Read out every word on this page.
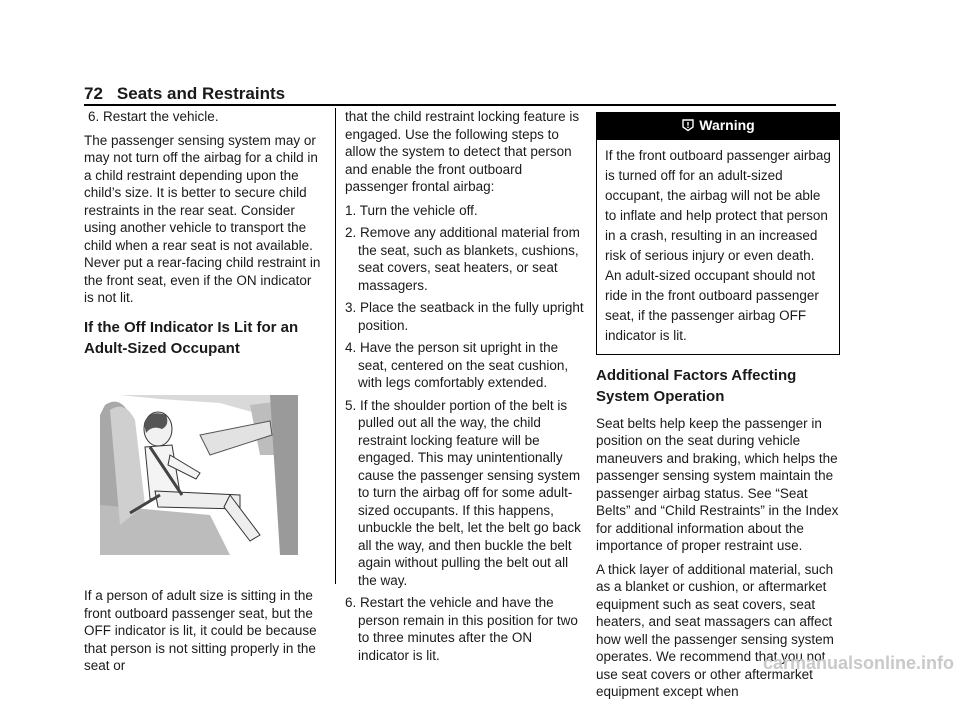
72 Seats and Restraints

6. Restart the vehicle.

The passenger sensing system may or may not turn off the airbag for a child in a child restraint depending upon the child’s size. It is better to secure child restraints in the rear seat. Consider using another vehicle to transport the child when a rear seat is not available. Never put a rear-facing child restraint in the front seat, even if the ON indicator is not lit.

If the Off Indicator Is Lit for an Adult-Sized Occupant

If a person of adult size is sitting in the front outboard passenger seat, but the OFF indicator is lit, it could be because that person is not sitting properly in the seat or

that the child restraint locking feature is engaged. Use the following steps to allow the system to detect that person and enable the front outboard passenger frontal airbag:

1. Turn the vehicle off.
2. Remove any additional material from the seat, such as blankets, cushions, seat covers, seat heaters, or seat massagers.
3. Place the seatback in the fully upright position.
4. Have the person sit upright in the seat, centered on the seat cushion, with legs comfortably extended.
5. If the shoulder portion of the belt is pulled out all the way, the child restraint locking feature will be engaged. This may unintentionally cause the passenger sensing system to turn the airbag off for some adult-sized occupants. If this happens, unbuckle the belt, let the belt go back all the way, and then buckle the belt again without pulling the belt out all the way.
6. Restart the vehicle and have the person remain in this position for two to three minutes after the ON indicator is lit.
Warning
If the front outboard passenger airbag is turned off for an adult-sized occupant, the airbag will not be able to inflate and help protect that person in a crash, resulting in an increased risk of serious injury or even death. An adult-sized occupant should not ride in the front outboard passenger seat, if the passenger airbag OFF indicator is lit.
Additional Factors Affecting System Operation

Seat belts help keep the passenger in position on the seat during vehicle maneuvers and braking, which helps the passenger sensing system maintain the passenger airbag status. See “Seat Belts” and “Child Restraints” in the Index for additional information about the importance of proper restraint use.

A thick layer of additional material, such as a blanket or cushion, or aftermarket equipment such as seat covers, seat heaters, and seat massagers can affect how well the passenger sensing system operates. We recommend that you not use seat covers or other aftermarket equipment except when

carmanualsonline.info
